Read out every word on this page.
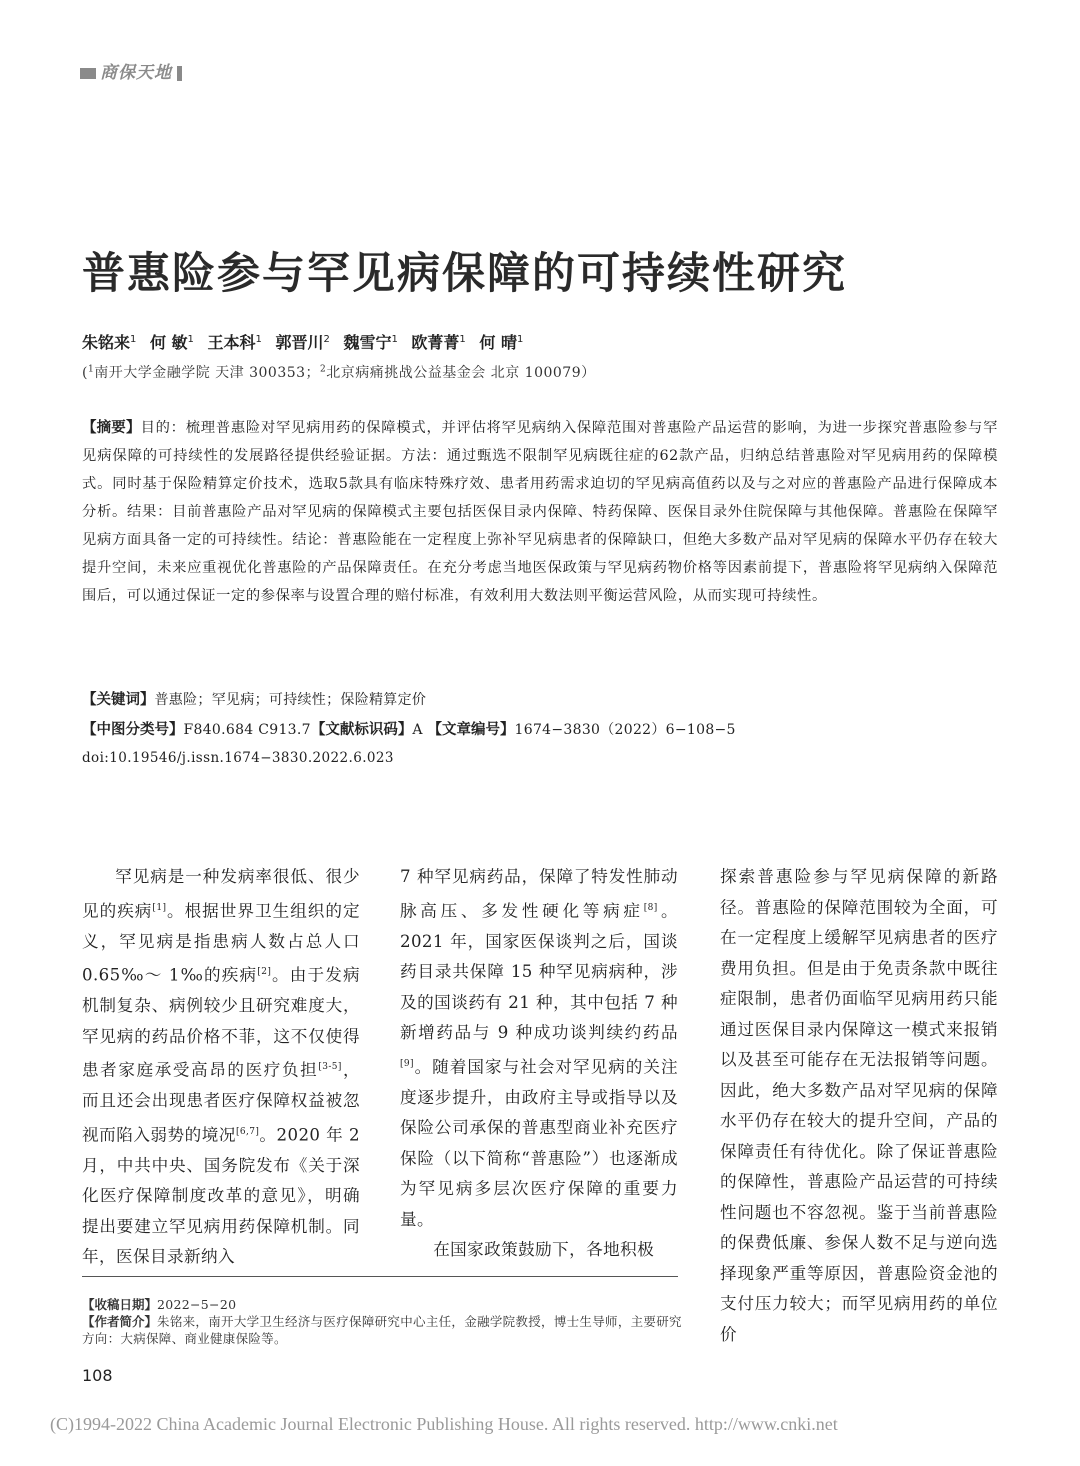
商保天地
普惠险参与罕见病保障的可持续性研究
朱铭来$^1$ 何 敏$^1$ 王本科$^1$ 郭晋川$^2$ 魏雪宁$^1$ 欧菁菁$^1$ 何 晴$^1$
($^1$南开大学金融学院 天津 300353；$^2$北京病痛挑战公益基金会 北京 100079）
【摘要】目的：梳理普惠险对罕见病用药的保障模式，并评估将罕见病纳入保障范围对普惠险产品运营的影响，为进一步探究普惠险参与罕见病保障的可持续性的发展路径提供经验证据。方法：通过甄选不限制罕见病既往症的62款产品，归纳总结普惠险对罕见病用药的保障模式。同时基于保险精算定价技术，选取5款具有临床特殊疗效、患者用药需求迫切的罕见病高值药以及与之对应的普惠险产品进行保障成本分析。结果：目前普惠险产品对罕见病的保障模式主要包括医保目录内保障、特药保障、医保目录外住院保障与其他保障。普惠险在保障罕见病方面具备一定的可持续性。结论：普惠险能在一定程度上弥补罕见病患者的保障缺口，但绝大多数产品对罕见病的保障水平仍存在较大提升空间，未来应重视优化普惠险的产品保障责任。在充分考虑当地医保政策与罕见病药物价格等因素前提下，普惠险将罕见病纳入保障范围后，可以通过保证一定的参保率与设置合理的赔付标准，有效利用大数法则平衡运营风险，从而实现可持续性。
【关键词】普惠险；罕见病；可持续性；保险精算定价
【中图分类号】F840.684 C913.7【文献标识码】A 【文章编号】1674−3830（2022）6−108−5
doi:10.19546/j.issn.1674−3830.2022.6.023

罕见病是一种发病率很低、很少见的疾病[1]。根据世界卫生组织的定义，罕见病是指患病人数占总人口 0.65‰～ 1‰的疾病[2]。由于发病机制复杂、病例较少且研究难度大，罕见病的药品价格不菲，这不仅使得患者家庭承受高昂的医疗负担[3-5]，而且还会出现患者医疗保障权益被忽视而陷入弱势的境况[6,7]。2020 年 2 月，中共中央、国务院发布《关于深化医疗保障制度改革的意见》，明确提出要建立罕见病用药保障机制。同年，医保目录新纳入

7 种罕见病药品，保障了特发性肺动脉高压、多发性硬化等病症[8]。2021 年，国家医保谈判之后，国谈药目录共保障 15 种罕见病病种，涉及的国谈药有 21 种，其中包括 7 种新增药品与 9 种成功谈判续约药品[9]。随着国家与社会对罕见病的关注度逐步提升，由政府主导或指导以及保险公司承保的普惠型商业补充医疗保险（以下简称“普惠险”）也逐渐成为罕见病多层次医疗保障的重要力量。

在国家政策鼓励下，各地积极

探索普惠险参与罕见病保障的新路径。普惠险的保障范围较为全面，可在一定程度上缓解罕见病患者的医疗费用负担。但是由于免责条款中既往症限制，患者仍面临罕见病用药只能通过医保目录内保障这一模式来报销以及甚至可能存在无法报销等问题。因此，绝大多数产品对罕见病的保障水平仍存在较大的提升空间，产品的保障责任有待优化。除了保证普惠险的保障性，普惠险产品运营的可持续性问题也不容忽视。鉴于当前普惠险的保费低廉、参保人数不足与逆向选择现象严重等原因，普惠险资金池的支付压力较大；而罕见病用药的单位价

【收稿日期】2022−5−20
【作者简介】朱铭来，南开大学卫生经济与医疗保障研究中心主任，金融学院教授，博士生导师，主要研究方向：大病保障、商业健康保险等。
108
(C)1994-2022 China Academic Journal Electronic Publishing House. All rights reserved. http://www.cnki.net
